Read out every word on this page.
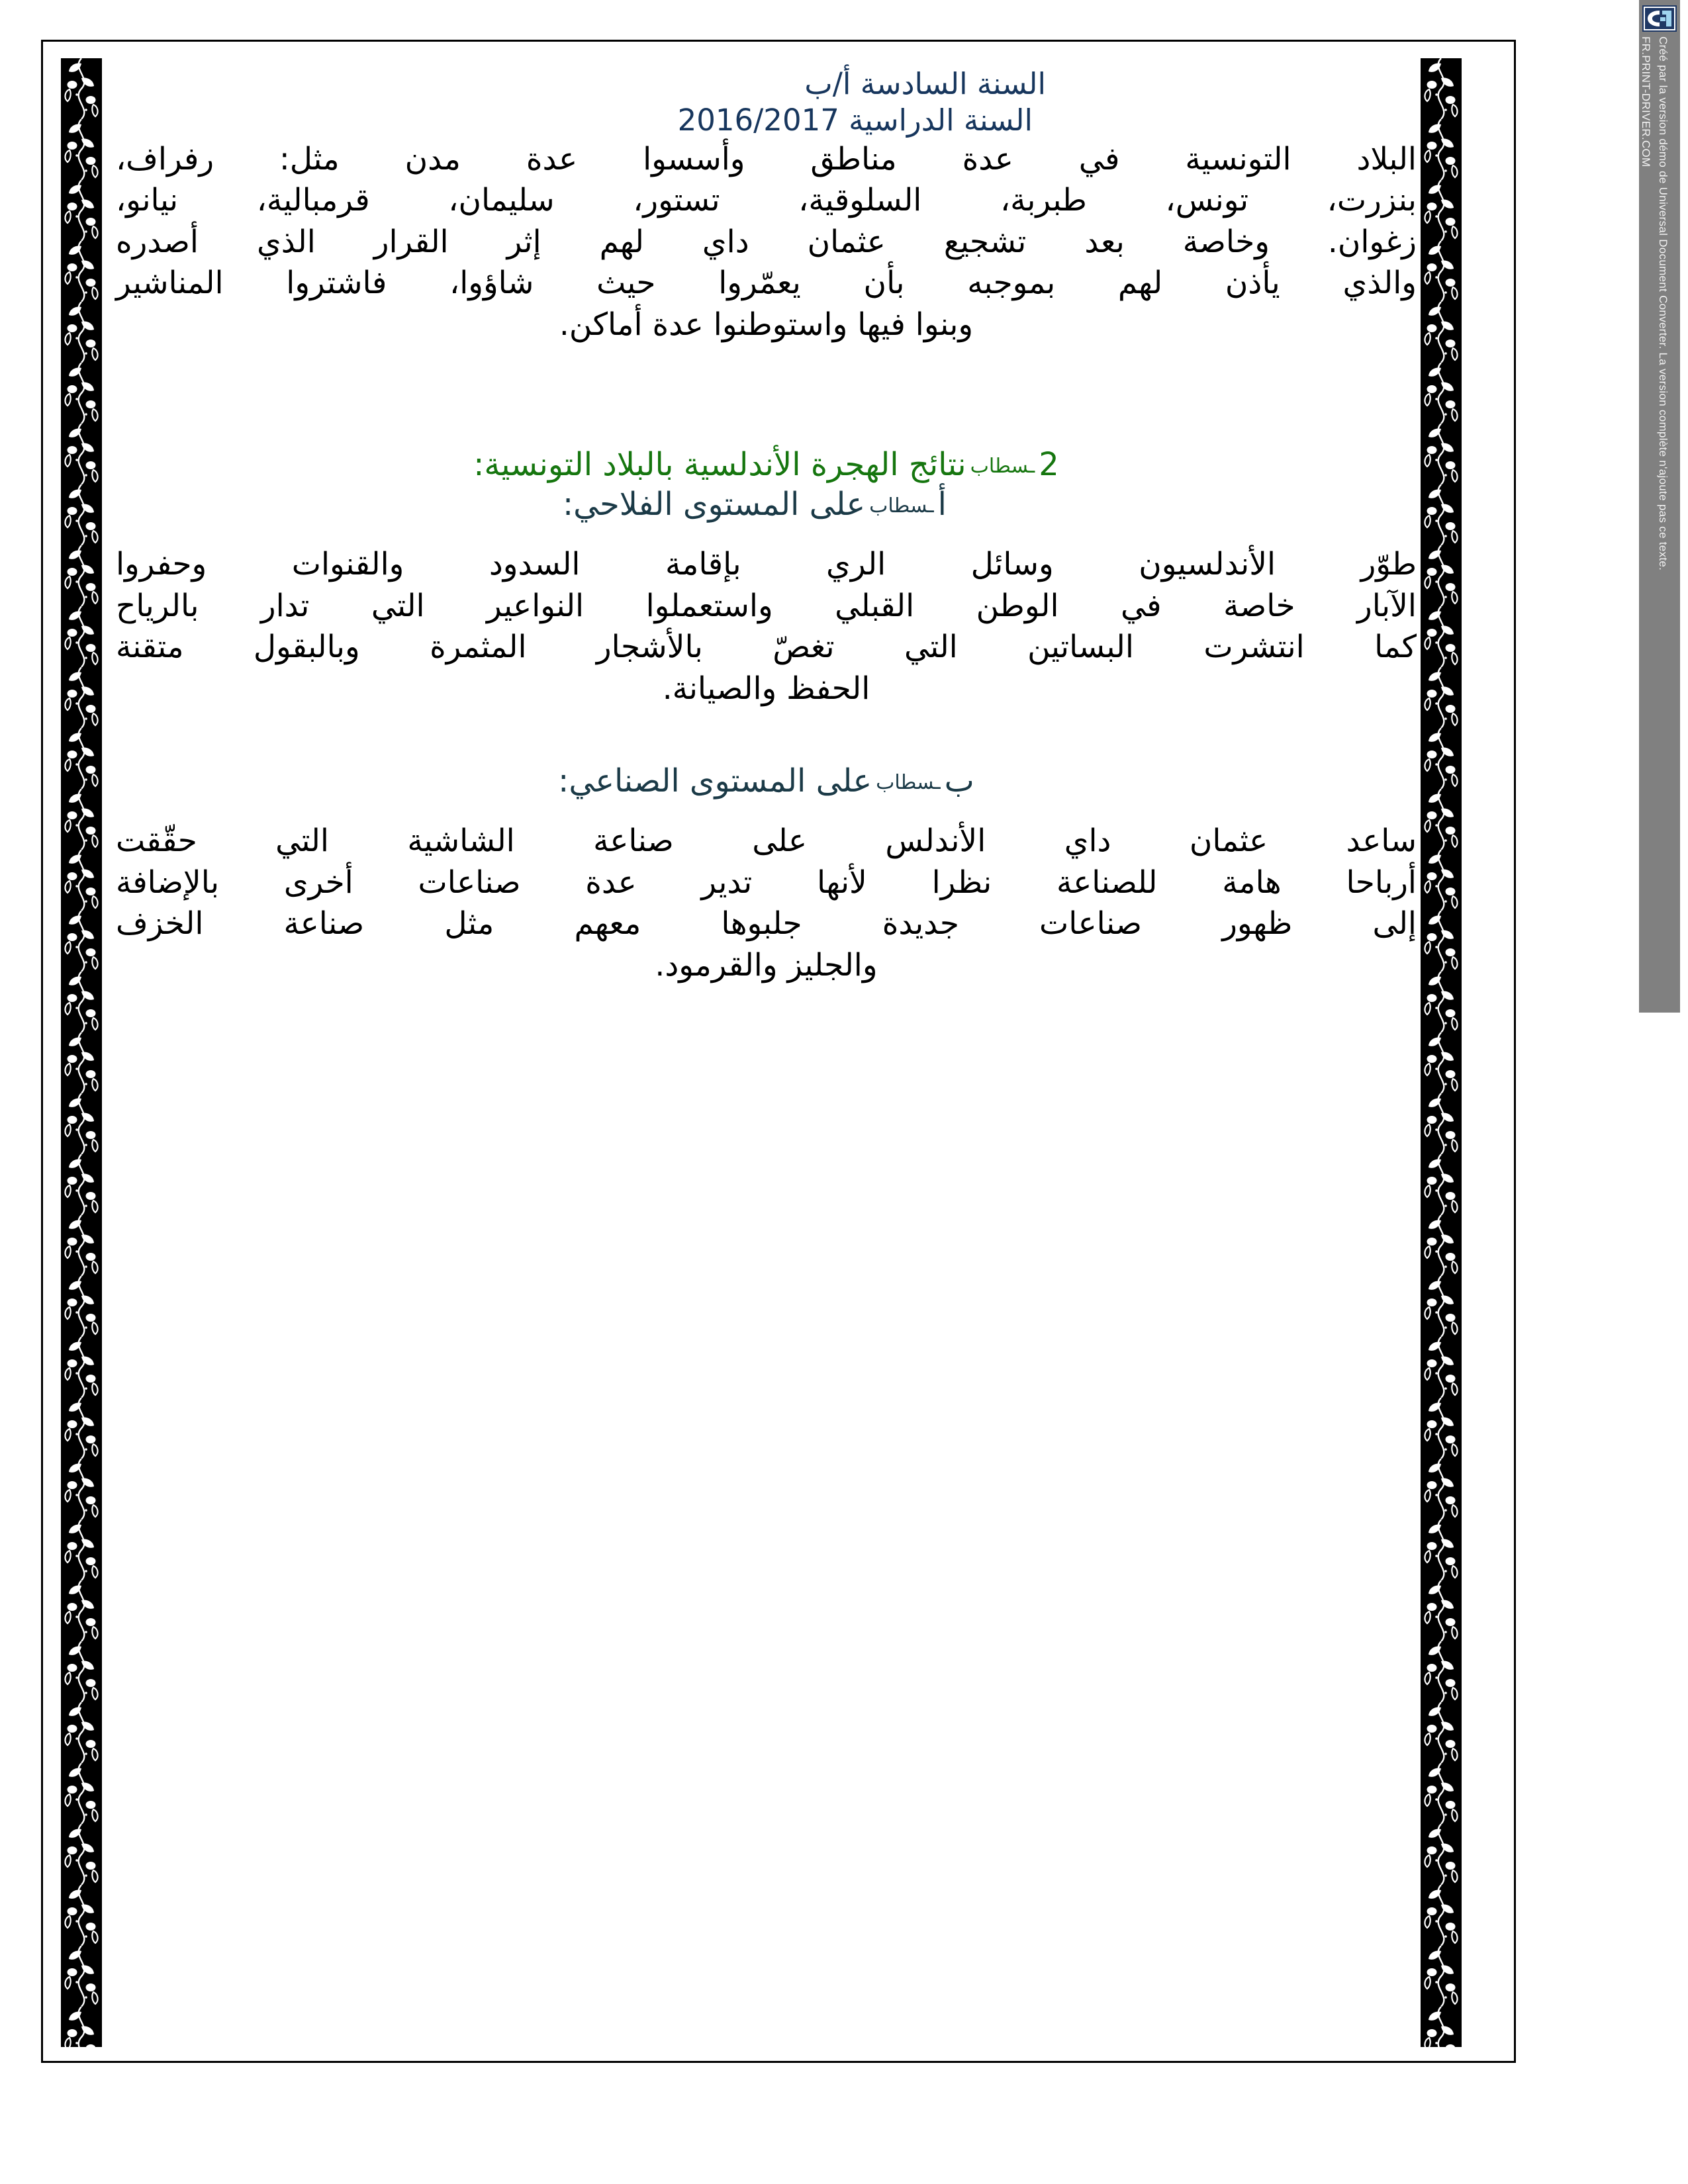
السنة السادسة أ/ب
السنة الدراسية 2016/2017
البلاد التونسية في عدة مناطق وأسسوا عدة مدن مثل: رفراف،
بنزرت، تونس، طبربة، السلوقية، تستور، سليمان، قرمبالية، نيانو،
زغوان. وخاصة بعد تشجيع عثمان داي لهم إثر القرار الذي أصدره
والذي يأذن لهم بموجبه بأن يعمّروا حيث شاؤوا، فاشتروا المناشير
وبنوا فيها واستوطنوا عدة أماكن.
2ـسطابنتائج الهجرة الأندلسية بالبلاد التونسية:
أـسطابعلى المستوى الفلاحي:
طوّر الأندلسيون وسائل الري بإقامة السدود والقنوات وحفروا
الآبار خاصة في الوطن القبلي واستعملوا النواعير التي تدار بالرياح
كما انتشرت البساتين التي تغصّ بالأشجار المثمرة وبالبقول متقنة
الحفظ والصيانة.
بـسطابعلى المستوى الصناعي:
ساعد عثمان داي الأندلس على صناعة الشاشية التي حقّقت
أرباحا هامة للصناعة نظرا لأنها تدير عدة صناعات أخرى بالإضافة
إلى ظهور صناعات جديدة جلبوها معهم مثل صناعة الخزف
والجليز والقرمود.
Créé par la version démo de Universal Document Converter. La version complète n'ajoute pas ce texte.
FR.PRINT-DRIVER.COM
